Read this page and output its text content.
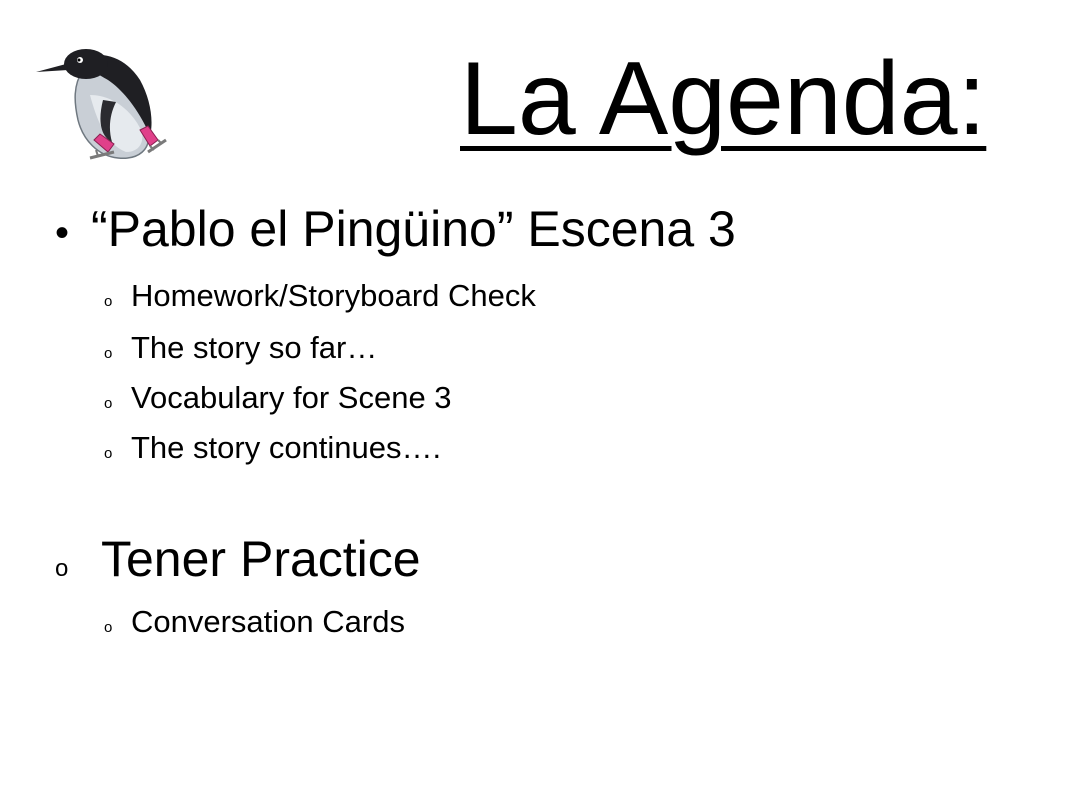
La Agenda:
• “Pablo el Pingüino” Escena 3
o Homework/Storyboard Check
o The story so far…
o Vocabulary for Scene 3
o The story continues….
o Tener Practice
o Conversation Cards
